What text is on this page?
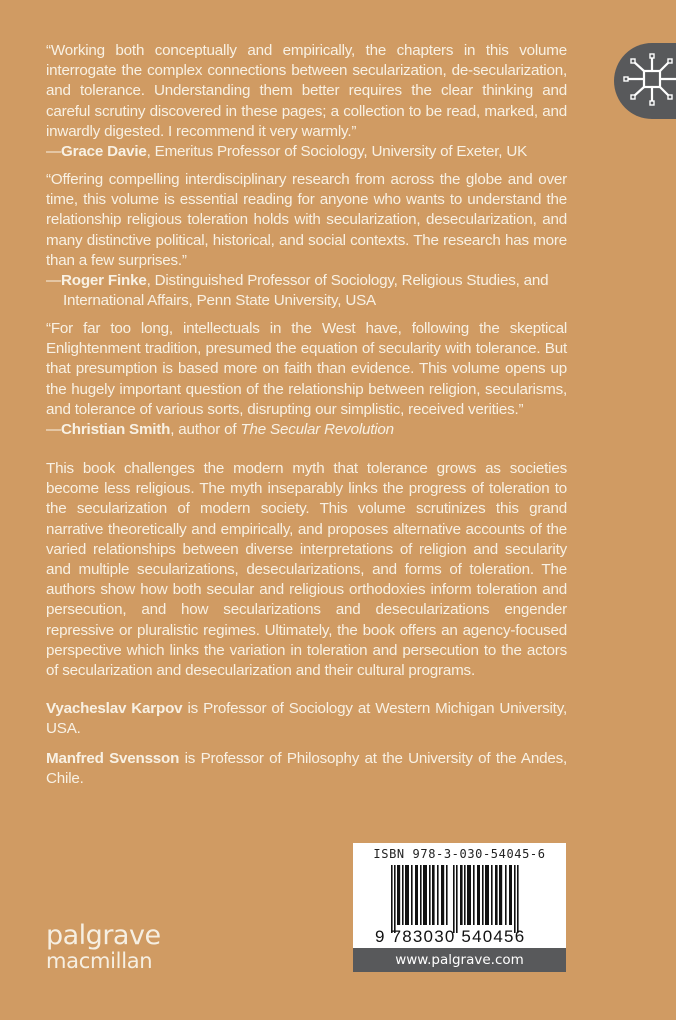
“Working both conceptually and empirically, the chapters in this volume interrogate the complex connections between secularization, de-secularization, and tolerance. Understanding them better requires the clear thinking and careful scrutiny discovered in these pages; a collection to be read, marked, and inwardly digested. I recommend it very warmly.”

—Grace Davie, Emeritus Professor of Sociology, University of Exeter, UK

“Offering compelling interdisciplinary research from across the globe and over time, this volume is essential reading for anyone who wants to understand the relationship religious toleration holds with secularization, desecularization, and many distinctive political, historical, and social contexts. The research has more than a few surprises.”

—Roger Finke, Distinguished Professor of Sociology, Religious Studies, and International Affairs, Penn State University, USA

“For far too long, intellectuals in the West have, following the skeptical Enlightenment tradition, presumed the equation of secularity with tolerance. But that presumption is based more on faith than evidence. This volume opens up the hugely important question of the relationship between religion, secularisms, and tolerance of various sorts, disrupting our simplistic, received verities.”

—Christian Smith, author of The Secular Revolution

This book challenges the modern myth that tolerance grows as societies become less religious. The myth inseparably links the progress of toleration to the secularization of modern society. This volume scrutinizes this grand narrative theoretically and empirically, and proposes alternative accounts of the varied relationships between diverse interpretations of religion and secularity and multiple secularizations, desecularizations, and forms of toleration. The authors show how both secular and religious orthodoxies inform toleration and persecution, and how secularizations and desecularizations engender repressive or pluralistic regimes. Ultimately, the book offers an agency-focused perspective which links the variation in toleration and persecution to the actors of secularization and desecularization and their cultural programs.

Vyacheslav Karpov is Professor of Sociology at Western Michigan University, USA.

Manfred Svensson is Professor of Philosophy at the University of the Andes, Chile.

ISBN 978-3-030-54045-6
9 783030 540456
www.palgrave.com
palgrave
macmillan
